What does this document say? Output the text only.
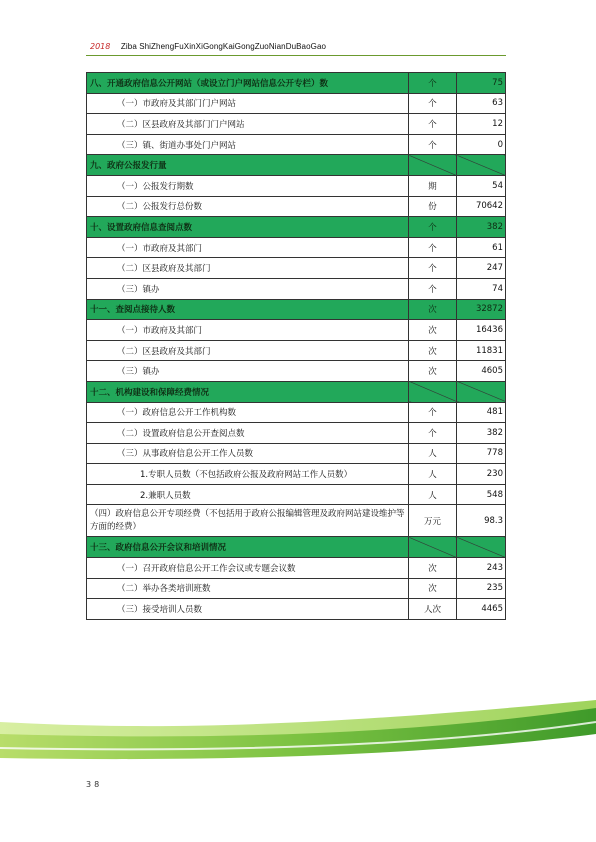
2018 Ziba ShiZhengFuXinXiGongKaiGongZuoNianDuBaoGao
八、开通政府信息公开网站（或设立门户网站信息公开专栏）数	个	75
（一）市政府及其部门门户网站	个	63
（二）区县政府及其部门门户网站	个	12
（三）镇、街道办事处门户网站	个	0
九、政府公报发行量		
（一）公报发行期数	期	54
（二）公报发行总份数	份	70642
十、设置政府信息查阅点数	个	382
（一）市政府及其部门	个	61
（二）区县政府及其部门	个	247
（三）镇办	个	74
十一、查阅点接待人数	次	32872
（一）市政府及其部门	次	16436
（二）区县政府及其部门	次	11831
（三）镇办	次	4605
十二、机构建设和保障经费情况		
（一）政府信息公开工作机构数	个	481
（二）设置政府信息公开查阅点数	个	382
（三）从事政府信息公开工作人员数	人	778
1.专职人员数（不包括政府公报及政府网站工作人员数）	人	230
2.兼职人员数	人	548
（四）政府信息公开专项经费（不包括用于政府公报编辑管理及政府网站建设维护等方面的经费）	万元	98.3
十三、政府信息公开会议和培训情况		
（一）召开政府信息公开工作会议或专题会议数	次	243
（二）举办各类培训班数	次	235
（三）接受培训人员数	人次	4465
38
